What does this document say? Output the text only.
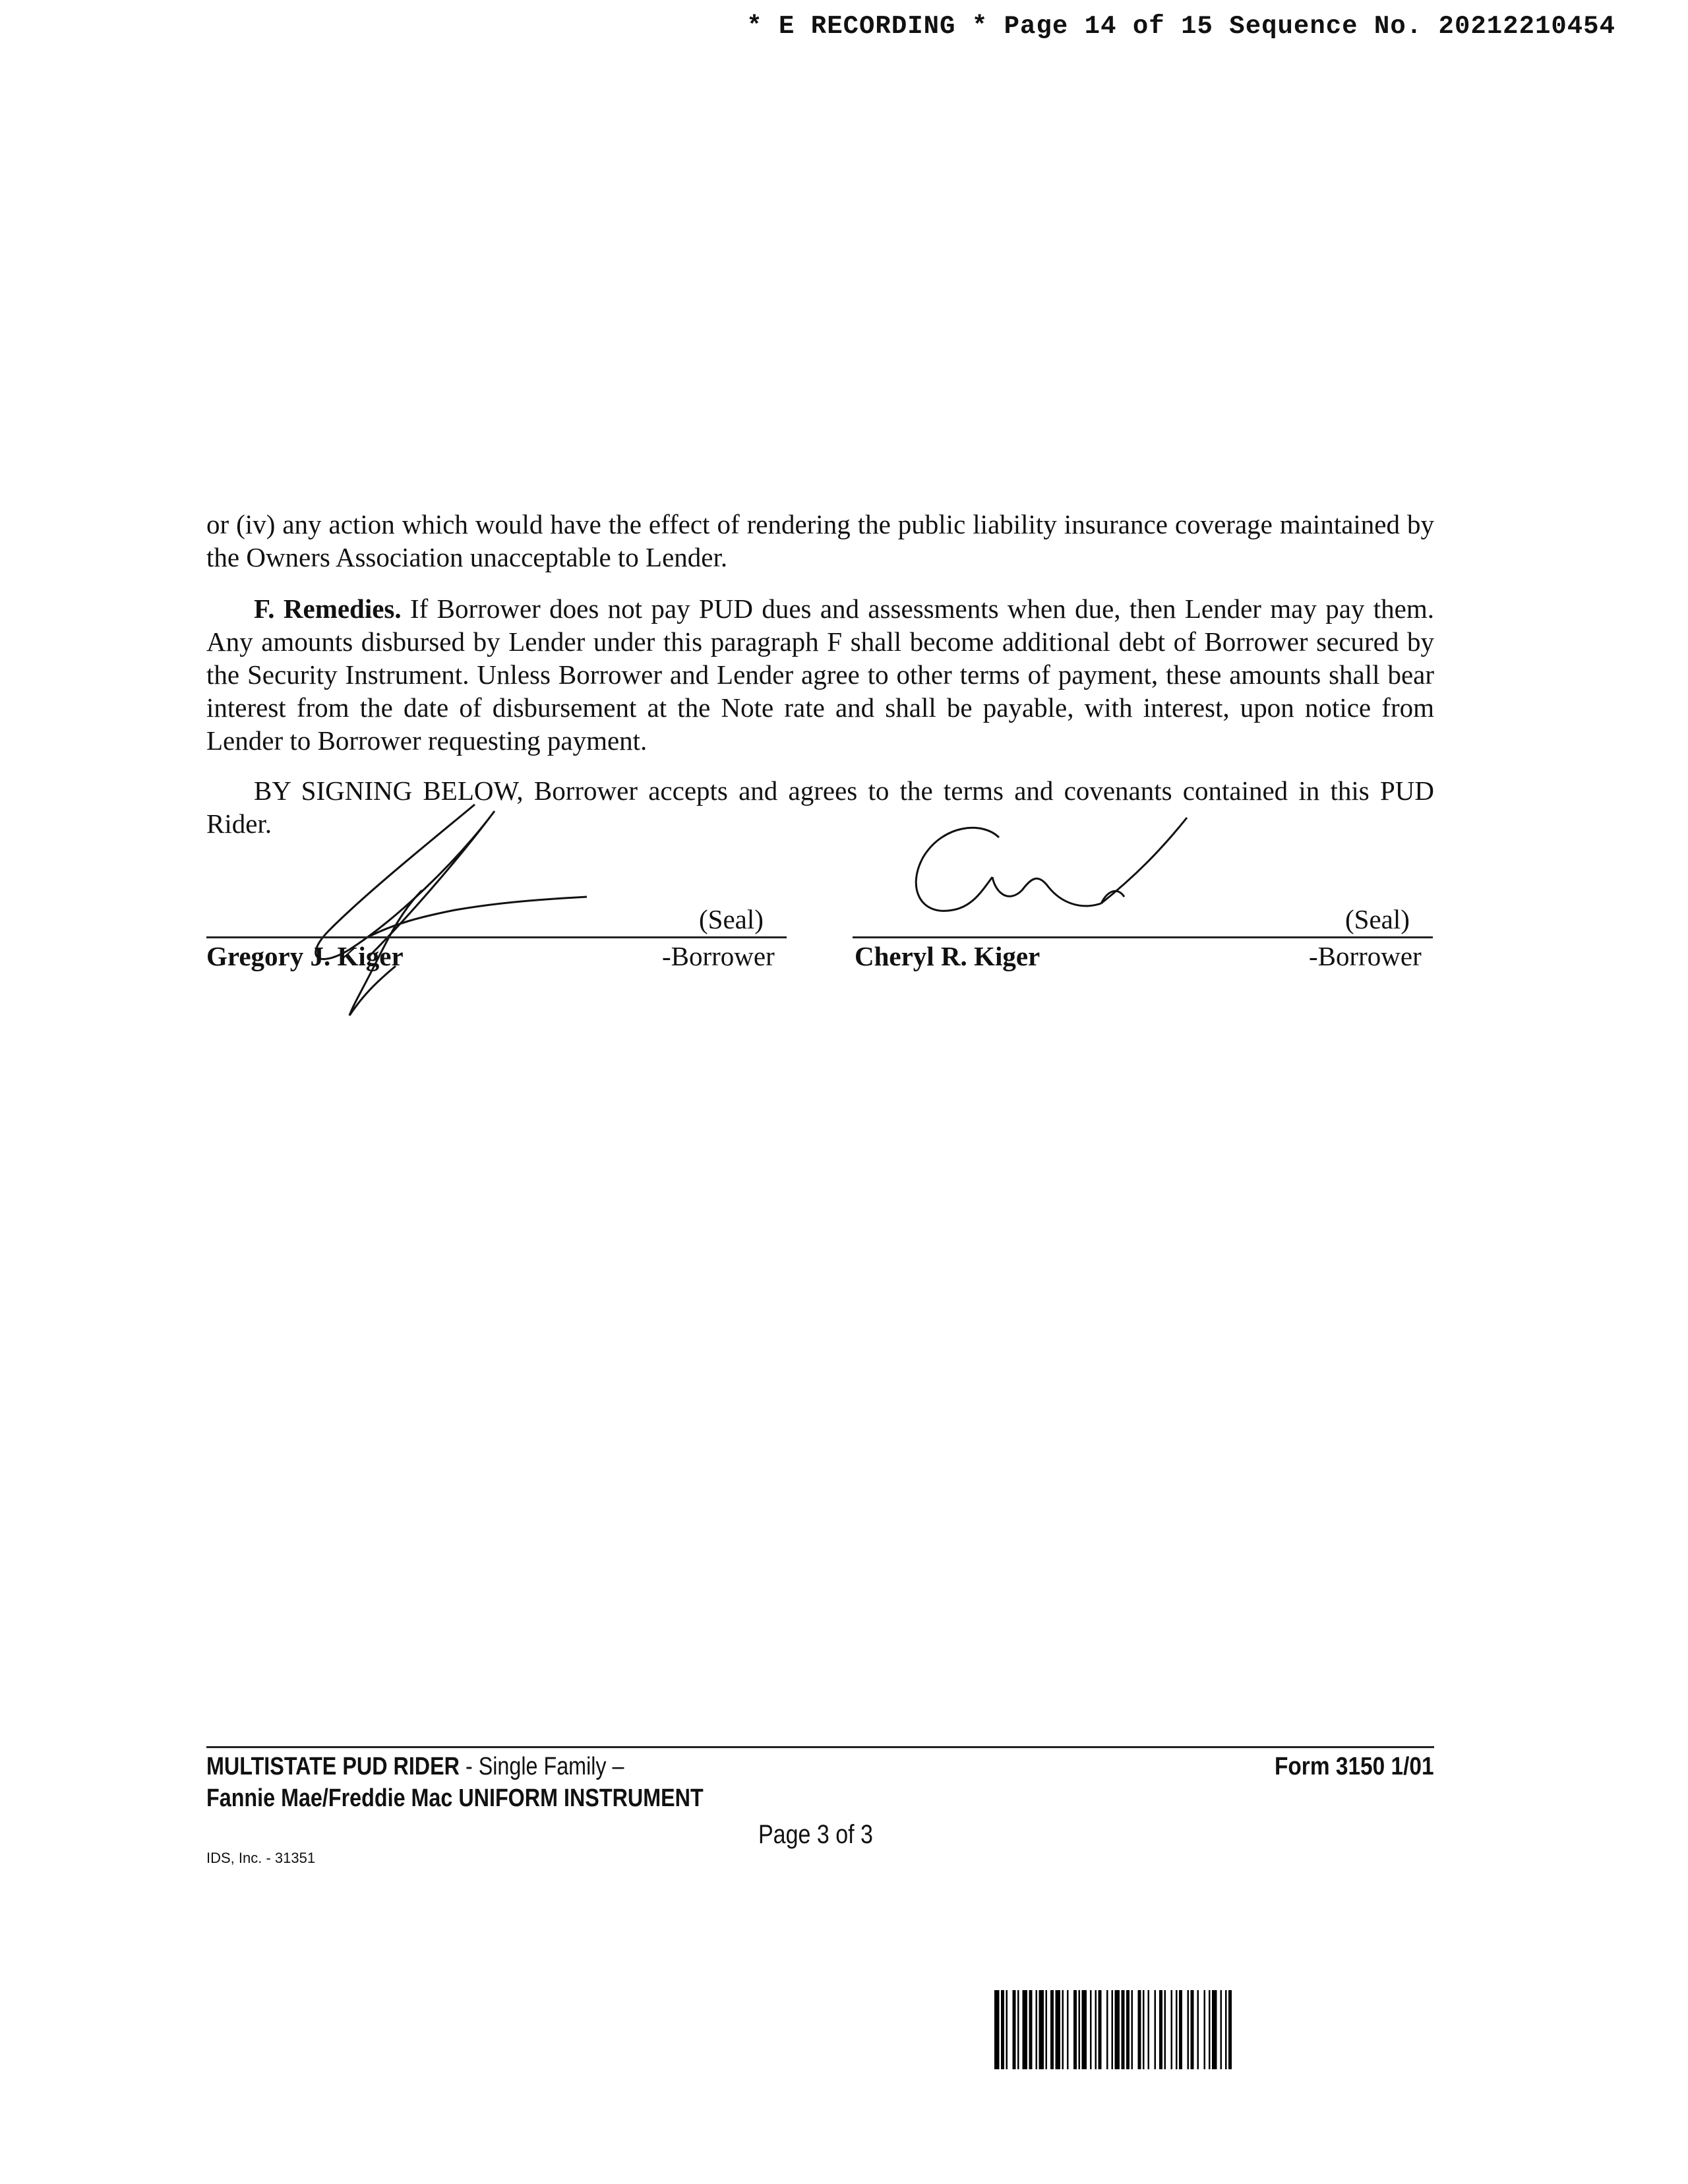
* E RECORDING * Page 14 of 15 Sequence No. 20212210454
or (iv) any action which would have the effect of rendering the public liability insurance coverage maintained by the Owners Association unacceptable to Lender.
F. Remedies. If Borrower does not pay PUD dues and assessments when due, then Lender may pay them. Any amounts disbursed by Lender under this paragraph F shall become additional debt of Borrower secured by the Security Instrument. Unless Borrower and Lender agree to other terms of payment, these amounts shall bear interest from the date of disbursement at the Note rate and shall be payable, with interest, upon notice from Lender to Borrower requesting payment.
BY SIGNING BELOW, Borrower accepts and agrees to the terms and covenants contained in this PUD Rider.
(Seal)
Gregory J. Kiger	-Borrower
(Seal)
Cheryl R. Kiger	-Borrower
MULTISTATE PUD RIDER - Single Family –
Fannie Mae/Freddie Mac UNIFORM INSTRUMENT
Form 3150 1/01
Page 3 of 3
IDS, Inc. - 31351
